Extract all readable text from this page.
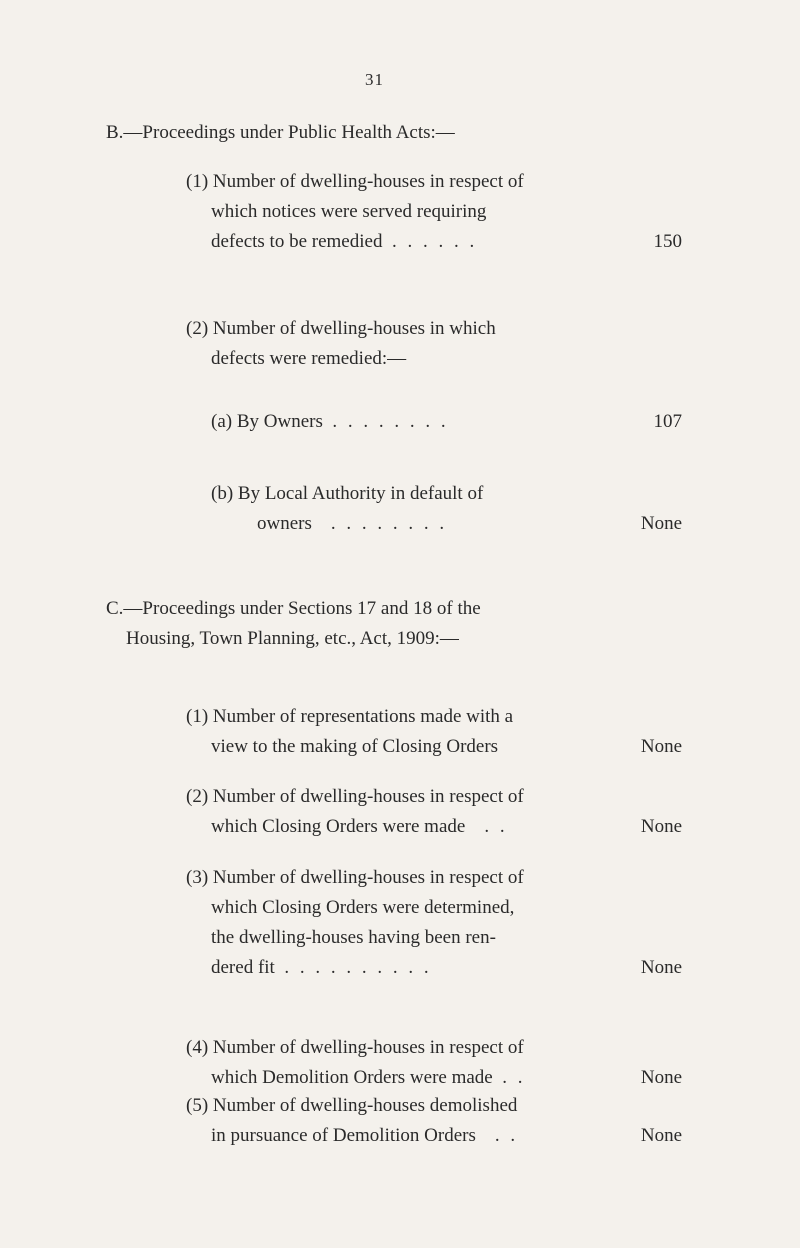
31
B.—Proceedings under Public Health Acts:—
(1) Number of dwelling-houses in respect of
which notices were served requiring
defects to be remedied . . . . . .	150
(2) Number of dwelling-houses in which
defects were remedied:—
(a) By Owners . . . . . . . .	107
(b) By Local Authority in default of
owners . . . . . . . .	None
C.—Proceedings under Sections 17 and 18 of the
Housing, Town Planning, etc., Act, 1909:—
(1) Number of representations made with a
view to the making of Closing Orders	None
(2) Number of dwelling-houses in respect of
which Closing Orders were made . .	None
(3) Number of dwelling-houses in respect of
which Closing Orders were determined,
the dwelling-houses having been ren-
dered fit . . . . . . . . . .	None
(4) Number of dwelling-houses in respect of
which Demolition Orders were made . .	None
(5) Number of dwelling-houses demolished
in pursuance of Demolition Orders . .	None
